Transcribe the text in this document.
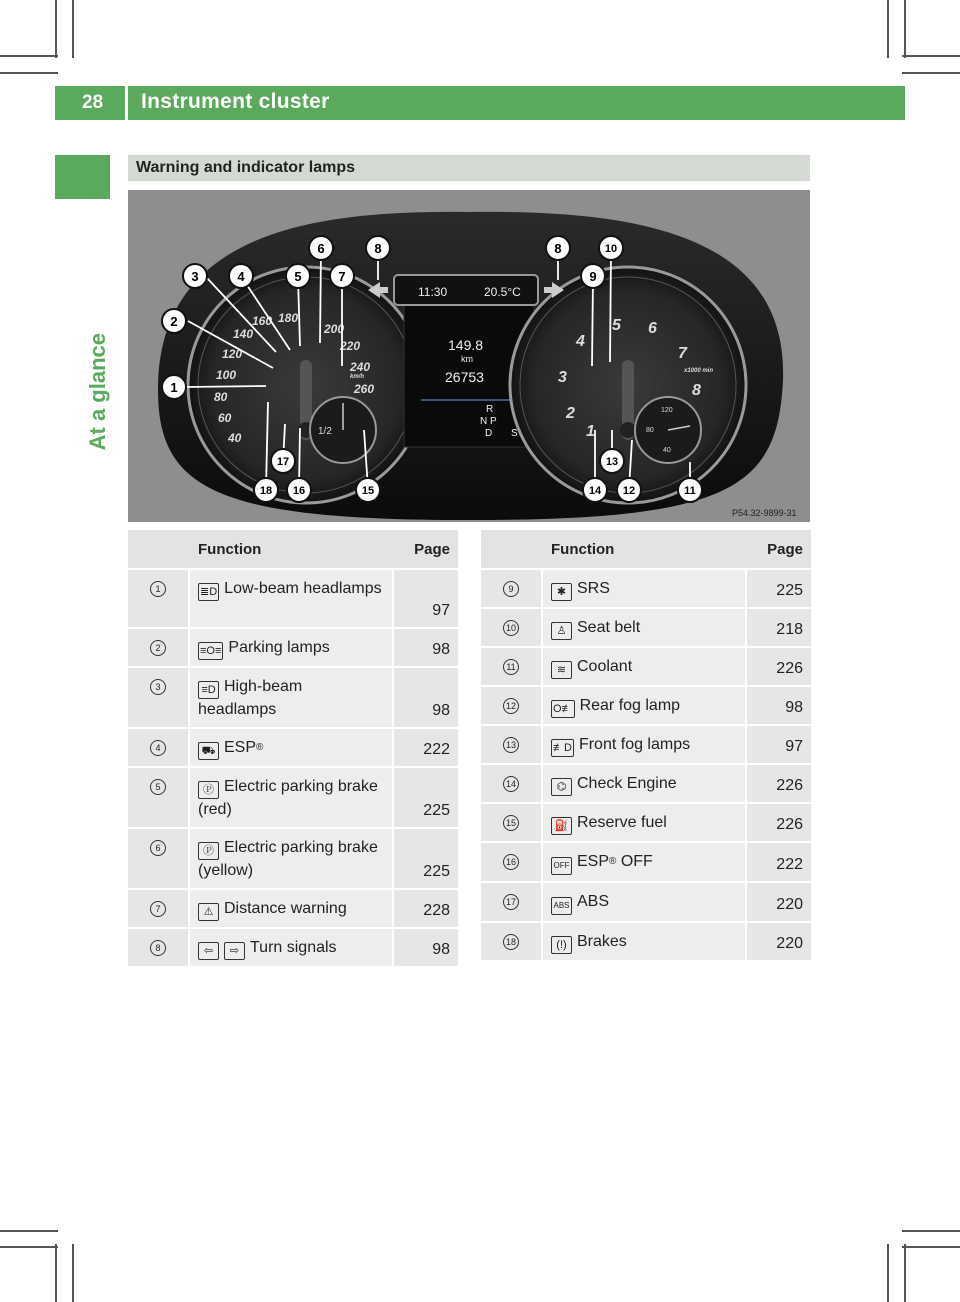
28 Instrument cluster
At a glance
Warning and indicator lamps
40
60
80
100
120
140
160 180
200
220
240
260
km/h
1/2
11:30	20.5°C
149.8
km
26753
R
N P
D S	1
2
3
4
5 6
7
8
x1000 min
120
80
40
1
2
3	4	5
6
7
8	8
9
10
11
12
13
14
15
16
17
18
P54.32-9899-31
	Function	Page
1	≣D Low-beam headlamps	97
2	≡O≡ Parking lamps	98
3	≡D High-beam headlamps	98
4	⛟ ESP®	222
5	Ⓟ Electric parking brake (red)	225
6	Ⓟ Electric parking brake (yellow)	225
7	⚠ Distance warning	228
8	⇦ ⇨ Turn signals	98
	Function	Page
9	✱ SRS	225
10	♙ Seat belt	218
11	≋ Coolant	226
12	O≢ Rear fog lamp	98
13	≢D Front fog lamps	97
14	⌬ Check Engine	226
15	⛽ Reserve fuel	226
16	OFF ESP® OFF	222
17	ABS ABS	220
18	(!) Brakes	220
